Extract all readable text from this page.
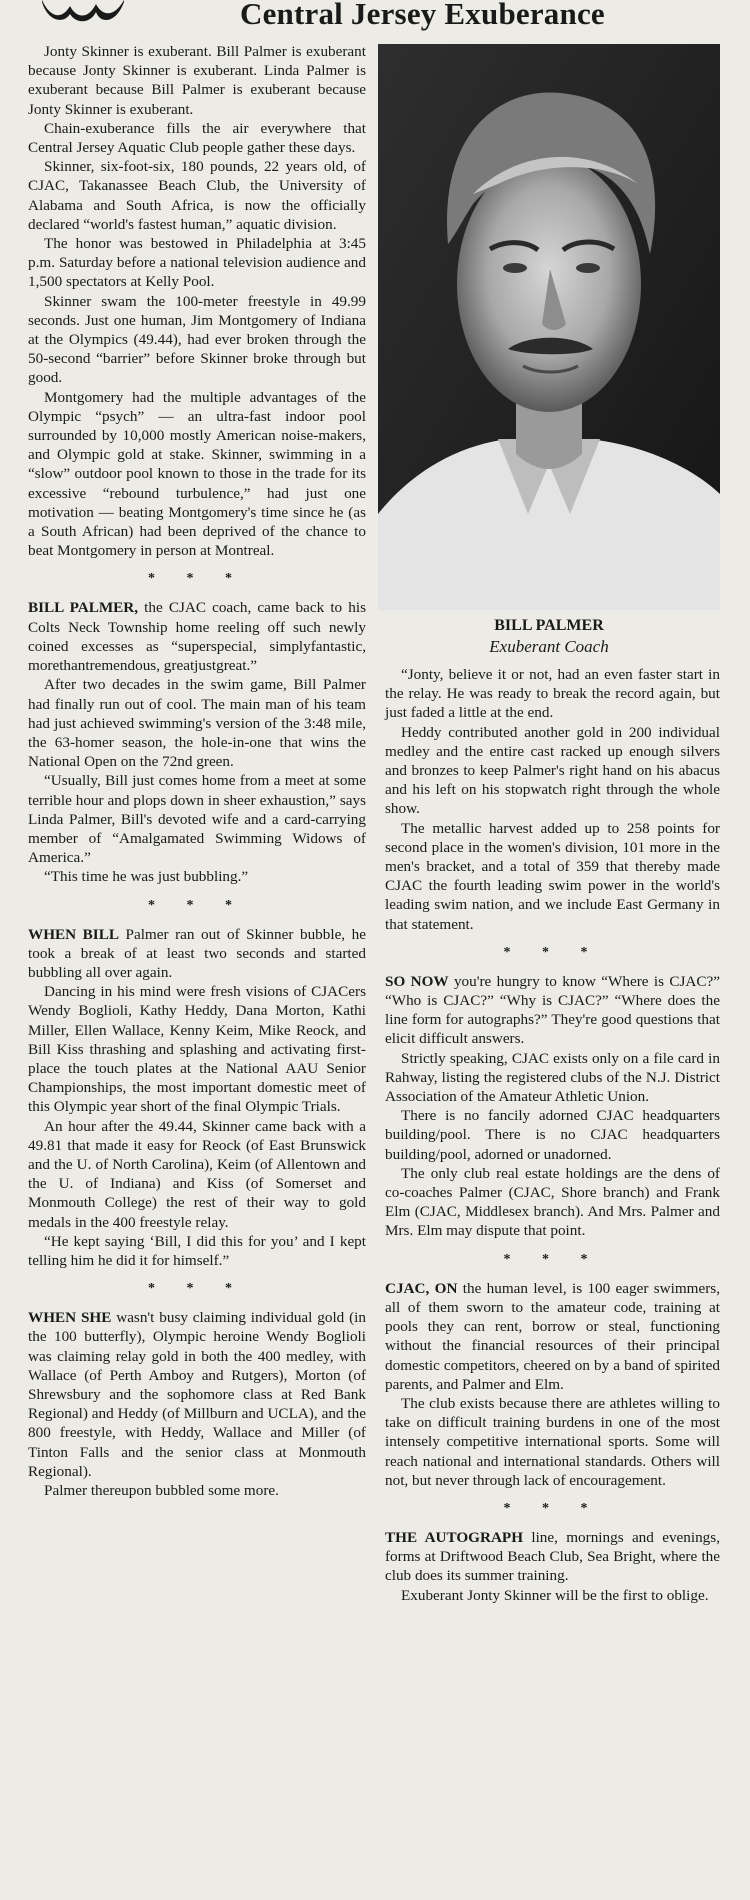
Central Jersey Exuberance

Jonty Skinner is exuberant. Bill Palmer is exuberant because Jonty Skinner is exuberant. Linda Palmer is exuberant because Bill Palmer is exuberant because Jonty Skinner is exuberant.

Chain-exuberance fills the air everywhere that Central Jersey Aquatic Club people gather these days.

Skinner, six-foot-six, 180 pounds, 22 years old, of CJAC, Takanassee Beach Club, the University of Alabama and South Africa, is now the officially declared “world's fastest human,” aquatic division.

The honor was bestowed in Philadelphia at 3:45 p.m. Saturday before a national television audience and 1,500 spectators at Kelly Pool.

Skinner swam the 100-meter freestyle in 49.99 seconds. Just one human, Jim Montgomery of Indiana at the Olympics (49.44), had ever broken through the 50-second “barrier” before Skinner broke through but good.

Montgomery had the multiple advantages of the Olympic “psych” — an ultra-fast indoor pool surrounded by 10,000 mostly American noise-makers, and Olympic gold at stake. Skinner, swimming in a “slow” outdoor pool known to those in the trade for its excessive “rebound turbulence,” had just one motivation — beating Montgomery's time since he (as a South African) had been deprived of the chance to beat Montgomery in person at Montreal.

* * *

BILL PALMER, the CJAC coach, came back to his Colts Neck Township home reeling off such newly coined excesses as “superspecial, simplyfantastic, morethantremendous, greatjustgreat.”

After two decades in the swim game, Bill Palmer had finally run out of cool. The main man of his team had just achieved swimming's version of the 3:48 mile, the 63-homer season, the hole-in-one that wins the National Open on the 72nd green.

“Usually, Bill just comes home from a meet at some terrible hour and plops down in sheer exhaustion,” says Linda Palmer, Bill's devoted wife and a card-carrying member of “Amalgamated Swimming Widows of America.”

“This time he was just bubbling.”

* * *

WHEN BILL Palmer ran out of Skinner bubble, he took a break of at least two seconds and started bubbling all over again.

Dancing in his mind were fresh visions of CJACers Wendy Boglioli, Kathy Heddy, Dana Morton, Kathi Miller, Ellen Wallace, Kenny Keim, Mike Reock, and Bill Kiss thrashing and splashing and activating first-place the touch plates at the National AAU Senior Championships, the most important domestic meet of this Olympic year short of the final Olympic Trials.

An hour after the 49.44, Skinner came back with a 49.81 that made it easy for Reock (of East Brunswick and the U. of North Carolina), Keim (of Allentown and the U. of Indiana) and Kiss (of Somerset and Monmouth College) the rest of their way to gold medals in the 400 freestyle relay.

“He kept saying ‘Bill, I did this for you’ and I kept telling him he did it for himself.”

* * *

WHEN SHE wasn't busy claiming individual gold (in the 100 butterfly), Olympic heroine Wendy Boglioli was claiming relay gold in both the 400 medley, with Wallace (of Perth Amboy and Rutgers), Morton (of Shrewsbury and the sophomore class at Red Bank Regional) and Heddy (of Millburn and UCLA), and the 800 freestyle, with Heddy, Wallace and Miller (of Tinton Falls and the senior class at Monmouth Regional).

Palmer thereupon bubbled some more.

BILL PALMER
Exuberant Coach

“Jonty, believe it or not, had an even faster start in the relay. He was ready to break the record again, but just faded a little at the end.

Heddy contributed another gold in 200 individual medley and the entire cast racked up enough silvers and bronzes to keep Palmer's right hand on his abacus and his left on his stopwatch right through the whole show.

The metallic harvest added up to 258 points for second place in the women's division, 101 more in the men's bracket, and a total of 359 that thereby made CJAC the fourth leading swim power in the world's leading swim nation, and we include East Germany in that statement.

* * *

SO NOW you're hungry to know “Where is CJAC?” “Who is CJAC?” “Why is CJAC?” “Where does the line form for autographs?” They're good questions that elicit difficult answers.

Strictly speaking, CJAC exists only on a file card in Rahway, listing the registered clubs of the N.J. District Association of the Amateur Athletic Union.

There is no fancily adorned CJAC headquarters building/pool. There is no CJAC headquarters building/pool, adorned or unadorned.

The only club real estate holdings are the dens of co-coaches Palmer (CJAC, Shore branch) and Frank Elm (CJAC, Middlesex branch). And Mrs. Palmer and Mrs. Elm may dispute that point.

* * *

CJAC, ON the human level, is 100 eager swimmers, all of them sworn to the amateur code, training at pools they can rent, borrow or steal, functioning without the financial resources of their principal domestic competitors, cheered on by a band of spirited parents, and Palmer and Elm.

The club exists because there are athletes willing to take on difficult training burdens in one of the most intensely competitive international sports. Some will reach national and international standards. Others will not, but never through lack of encouragement.

* * *

THE AUTOGRAPH line, mornings and evenings, forms at Driftwood Beach Club, Sea Bright, where the club does its summer training.

Exuberant Jonty Skinner will be the first to oblige.
